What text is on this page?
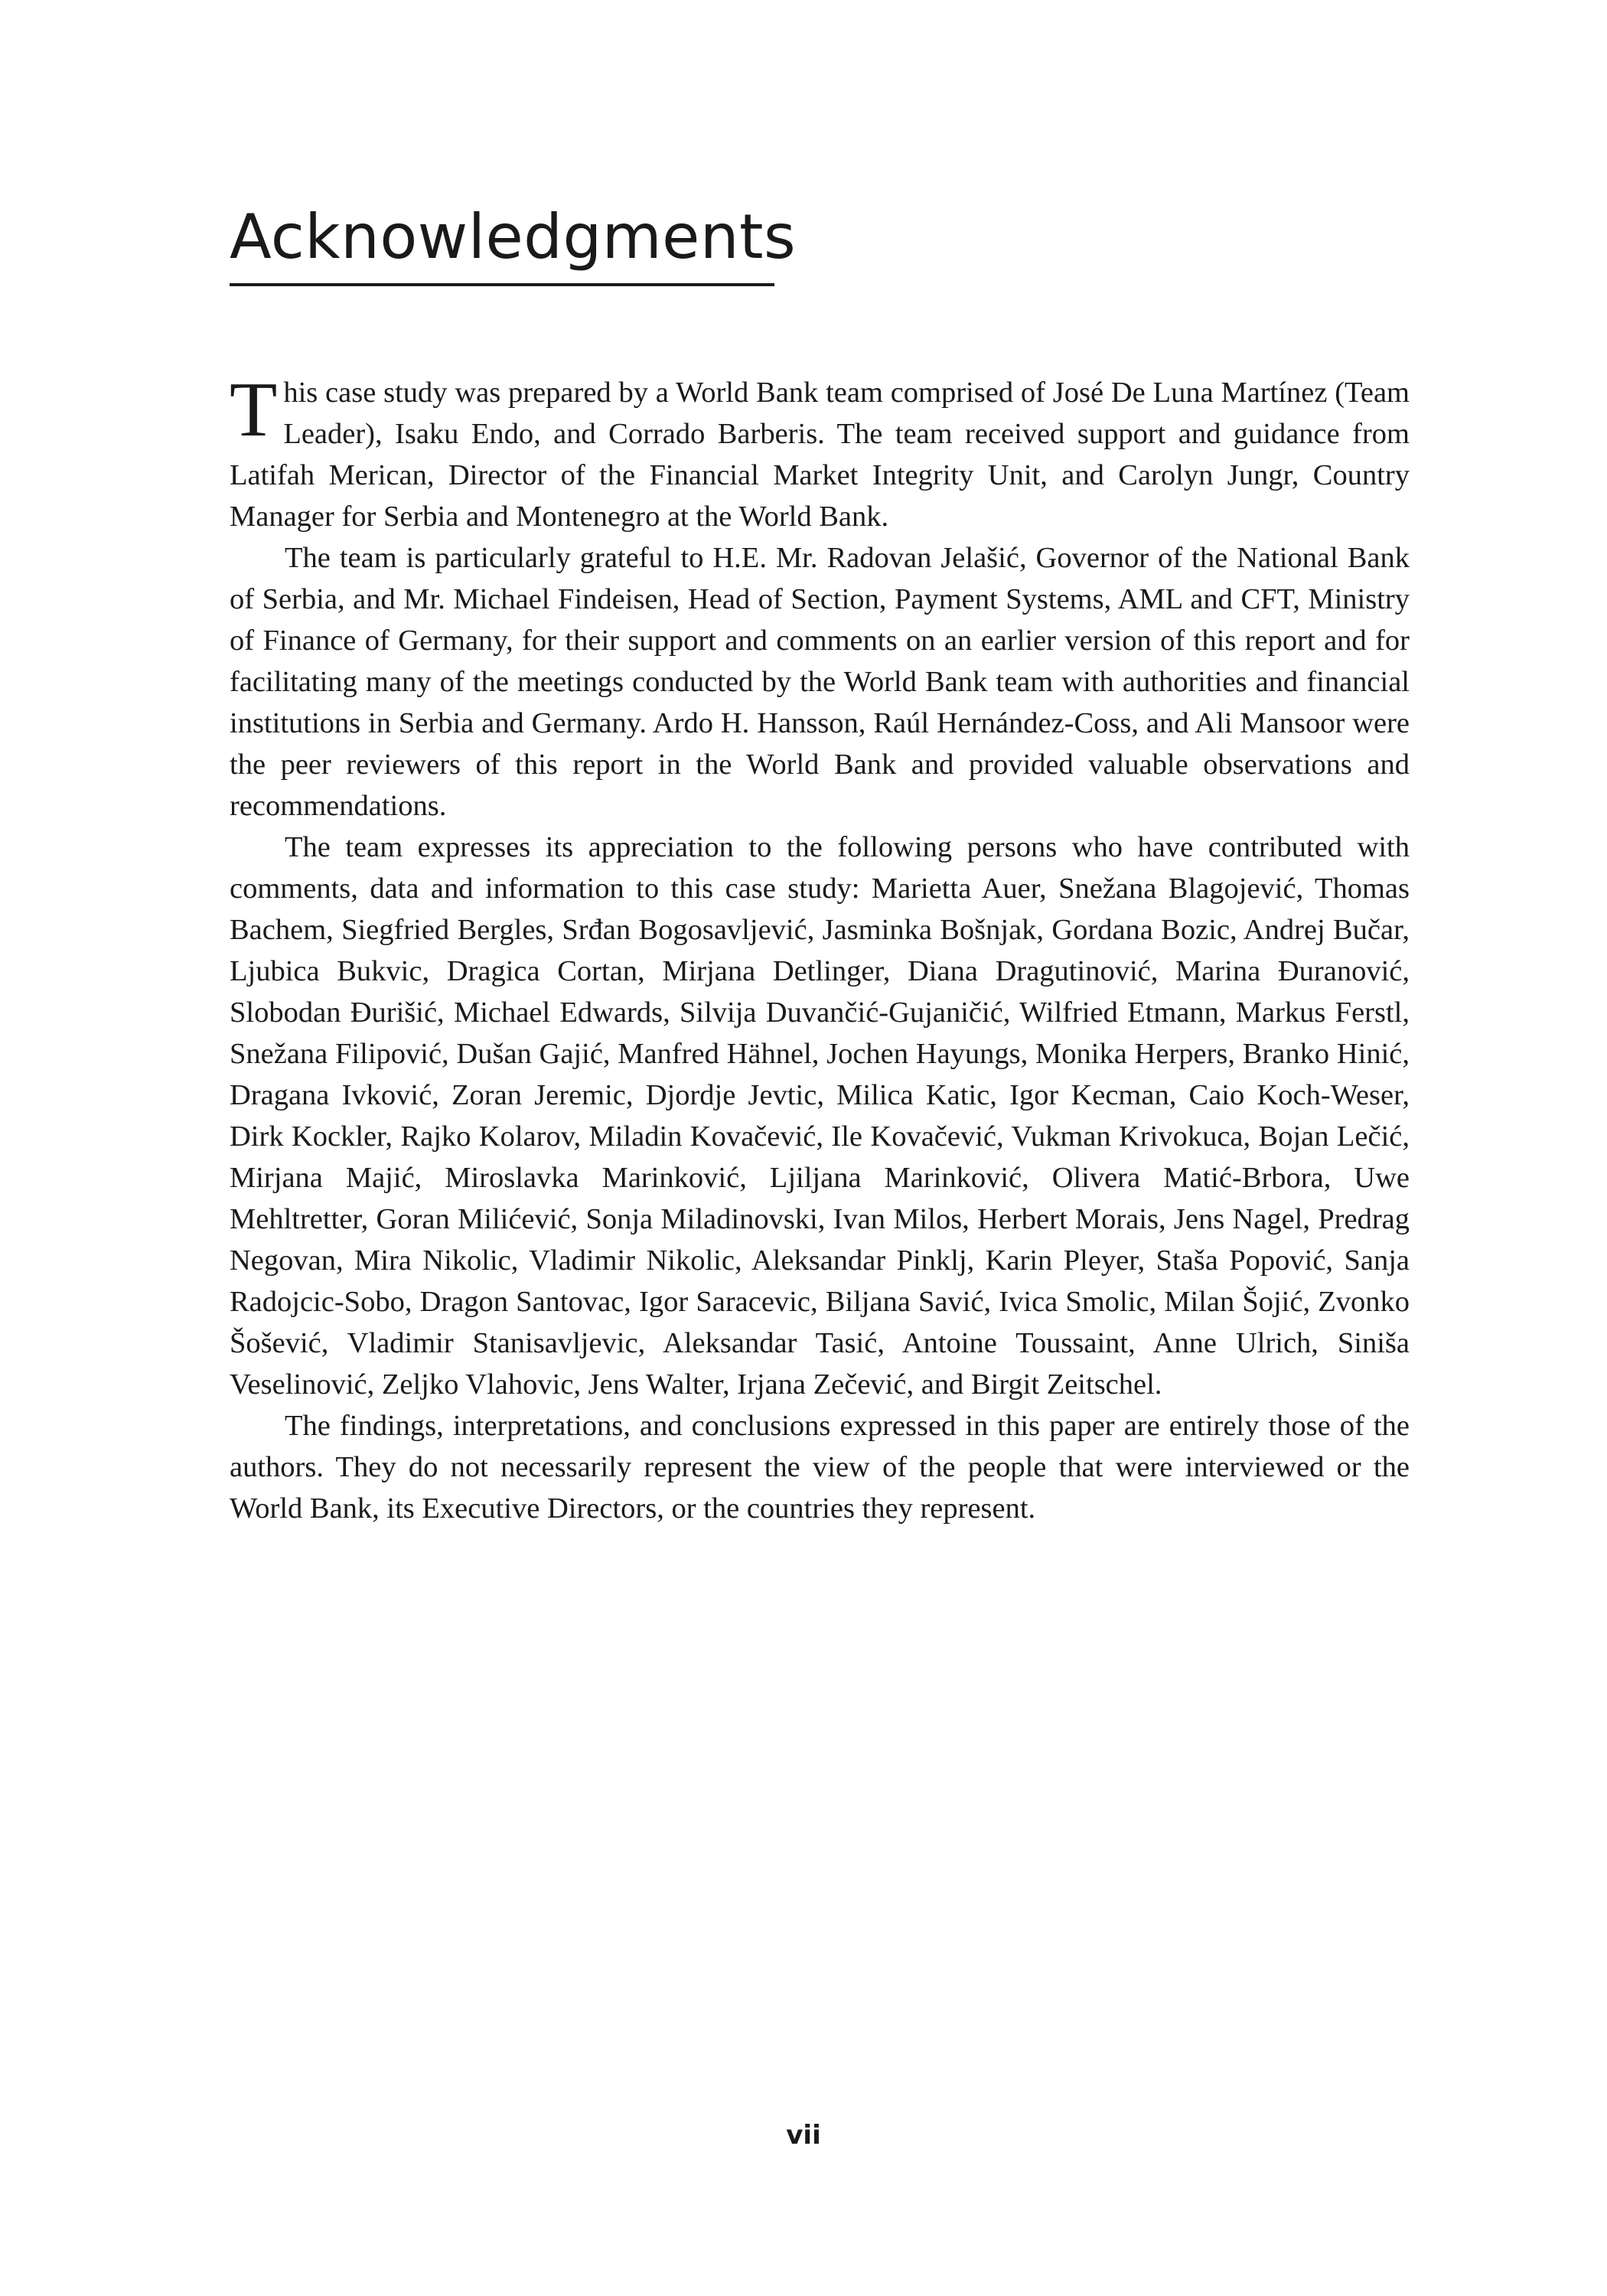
Acknowledgments

This case study was prepared by a World Bank team comprised of José De Luna Martínez (Team Leader), Isaku Endo, and Corrado Barberis. The team received support and guidance from Latifah Merican, Director of the Financial Market Integrity Unit, and Carolyn Jungr, Country Manager for Serbia and Montenegro at the World Bank.

The team is particularly grateful to H.E. Mr. Radovan Jelašić, Governor of the National Bank of Serbia, and Mr. Michael Findeisen, Head of Section, Payment Systems, AML and CFT, Ministry of Finance of Germany, for their support and comments on an earlier version of this report and for facilitating many of the meetings conducted by the World Bank team with authorities and financial institutions in Serbia and Germany. Ardo H. Hansson, Raúl Hernández-Coss, and Ali Mansoor were the peer reviewers of this report in the World Bank and provided valuable observations and recommendations.

The team expresses its appreciation to the following persons who have contributed with comments, data and information to this case study: Marietta Auer, Snežana Blagojević, Thomas Bachem, Siegfried Bergles, Srđan Bogosavljević, Jasminka Bošnjak, Gordana Bozic, Andrej Bučar, Ljubica Bukvic, Dragica Cortan, Mirjana Detlinger, Diana Dragutinović, Marina Đuranović, Slobodan Đurišić, Michael Edwards, Silvija Duvančić-Gujaničić, Wilfried Etmann, Markus Ferstl, Snežana Filipović, Dušan Gajić, Manfred Hähnel, Jochen Hayungs, Monika Herpers, Branko Hinić, Dragana Ivković, Zoran Jeremic, Djordje Jevtic, Milica Katic, Igor Kecman, Caio Koch-Weser, Dirk Kockler, Rajko Kolarov, Miladin Kovačević, Ile Kovačević, Vukman Krivokuca, Bojan Lečić, Mirjana Majić, Miroslavka Marinković, Ljiljana Marinković, Olivera Matić-Brbora, Uwe Mehltretter, Goran Milićević, Sonja Miladinovski, Ivan Milos, Herbert Morais, Jens Nagel, Predrag Negovan, Mira Nikolic, Vladimir Nikolic, Aleksandar Pinklj, Karin Pleyer, Staša Popović, Sanja Radojcic-Sobo, Dragon Santovac, Igor Saracevic, Biljana Savić, Ivica Smolic, Milan Šojić, Zvonko Šošević, Vladimir Stanisavljevic, Aleksandar Tasić, Antoine Toussaint, Anne Ulrich, Siniša Veselinović, Zeljko Vlahovic, Jens Walter, Irjana Zečević, and Birgit Zeitschel.

The findings, interpretations, and conclusions expressed in this paper are entirely those of the authors. They do not necessarily represent the view of the people that were interviewed or the World Bank, its Executive Directors, or the countries they represent.

vii
